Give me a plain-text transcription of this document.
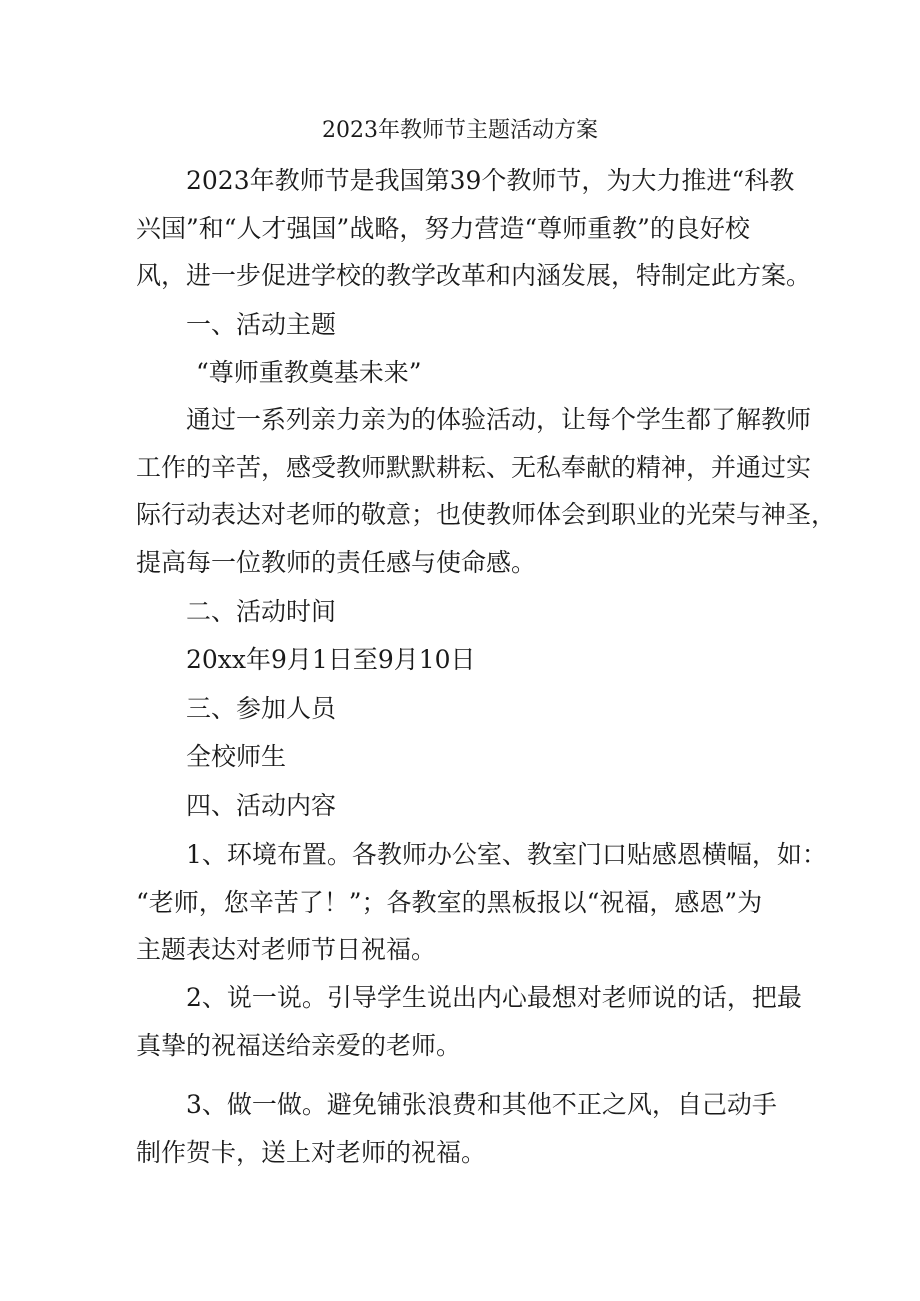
2023年教师节主题活动方案
2023年教师节是我国第39个教师节，为大力推进“科教
兴国”和“人才强国”战略，努力营造“尊师重教”的良好校
风，进一步促进学校的教学改革和内涵发展，特制定此方案。
一、活动主题
“尊师重教奠基未来”
通过一系列亲力亲为的体验活动，让每个学生都了解教师
工作的辛苦，感受教师默默耕耘、无私奉献的精神，并通过实
际行动表达对老师的敬意；也使教师体会到职业的光荣与神圣，
提高每一位教师的责任感与使命感。
二、活动时间
20xx年9月1日至9月10日
三、参加人员
全校师生
四、活动内容
1、环境布置。各教师办公室、教室门口贴感恩横幅，如：
“老师，您辛苦了！”；各教室的黑板报以“祝福，感恩”为
主题表达对老师节日祝福。
2、说一说。引导学生说出内心最想对老师说的话，把最
真挚的祝福送给亲爱的老师。
3、做一做。避免铺张浪费和其他不正之风，自己动手
制作贺卡，送上对老师的祝福。
